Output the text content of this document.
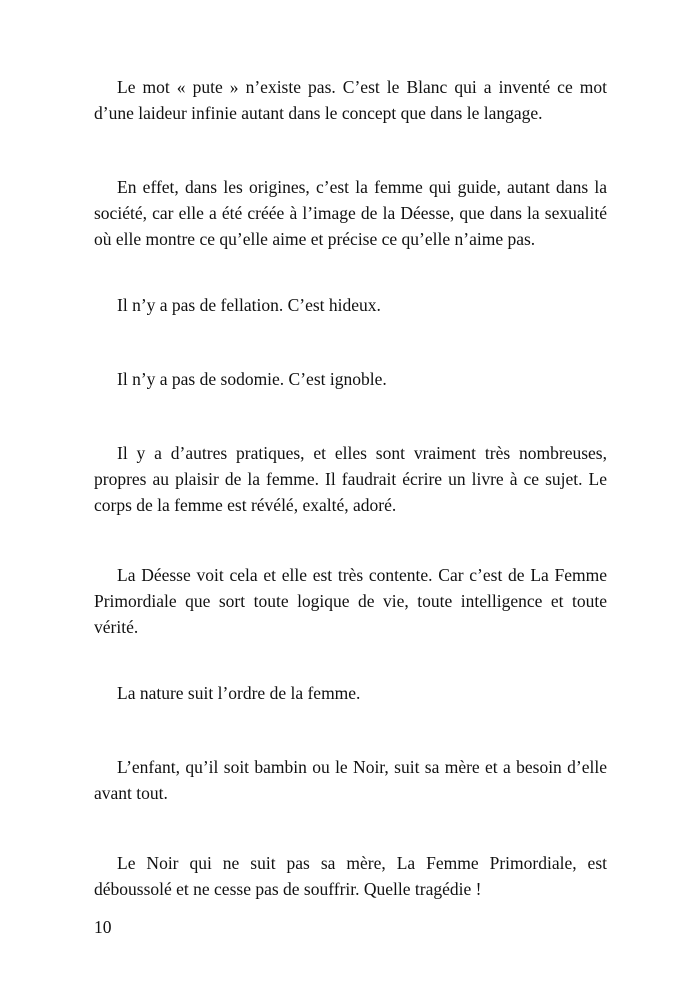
Le mot « pute » n’existe pas. C’est le Blanc qui a inventé ce mot d’une laideur infinie autant dans le concept que dans le langage.

En effet, dans les origines, c’est la femme qui guide, autant dans la société, car elle a été créée à l’image de la Déesse, que dans la sexualité où elle montre ce qu’elle aime et précise ce qu’elle n’aime pas.

Il n’y a pas de fellation. C’est hideux.

Il n’y a pas de sodomie. C’est ignoble.

Il y a d’autres pratiques, et elles sont vraiment très nombreuses, propres au plaisir de la femme. Il faudrait écrire un livre à ce sujet. Le corps de la femme est révélé, exalté, adoré.

La Déesse voit cela et elle est très contente. Car c’est de La Femme Primordiale que sort toute logique de vie, toute intelligence et toute vérité.

La nature suit l’ordre de la femme.

L’enfant, qu’il soit bambin ou le Noir, suit sa mère et a besoin d’elle avant tout.

Le Noir qui ne suit pas sa mère, La Femme Primordiale, est déboussolé et ne cesse pas de souffrir. Quelle tragédie !

10
